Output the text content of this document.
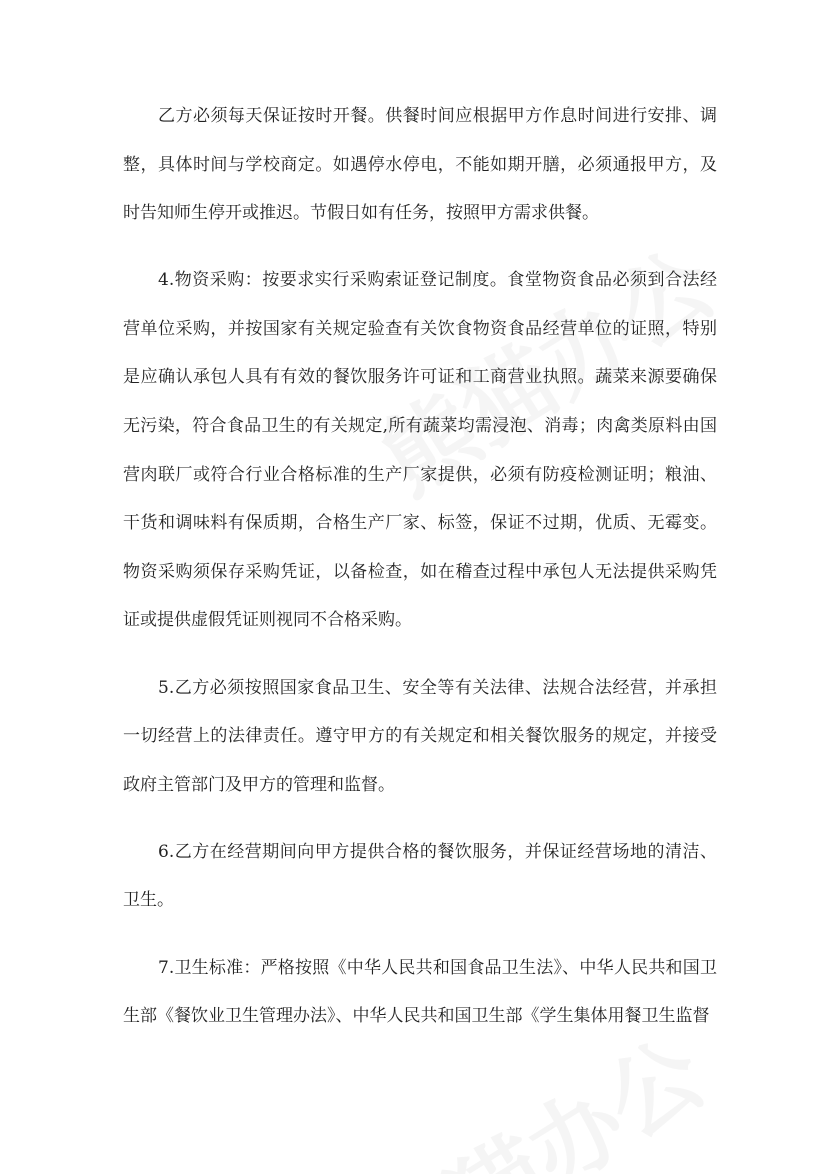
乙方必须每天保证按时开餐。供餐时间应根据甲方作息时间进行安排、调整，具体时间与学校商定。如遇停水停电，不能如期开膳，必须通报甲方，及时告知师生停开或推迟。节假日如有任务，按照甲方需求供餐。

4.物资采购：按要求实行采购索证登记制度。食堂物资食品必须到合法经营单位采购，并按国家有关规定验查有关饮食物资食品经营单位的证照，特别是应确认承包人具有有效的餐饮服务许可证和工商营业执照。蔬菜来源要确保无污染，符合食品卫生的有关规定,所有蔬菜均需浸泡、消毒；肉禽类原料由国营肉联厂或符合行业合格标准的生产厂家提供，必须有防疫检测证明；粮油、干货和调味料有保质期，合格生产厂家、标签，保证不过期，优质、无霉变。物资采购须保存采购凭证，以备检查，如在稽查过程中承包人无法提供采购凭证或提供虚假凭证则视同不合格采购。

5.乙方必须按照国家食品卫生、安全等有关法律、法规合法经营，并承担一切经营上的法律责任。遵守甲方的有关规定和相关餐饮服务的规定，并接受政府主管部门及甲方的管理和监督。

6.乙方在经营期间向甲方提供合格的餐饮服务，并保证经营场地的清洁、卫生。

7.卫生标准：严格按照《中华人民共和国食品卫生法》、中华人民共和国卫生部《餐饮业卫生管理办法》、中华人民共和国卫生部《学生集体用餐卫生监督
